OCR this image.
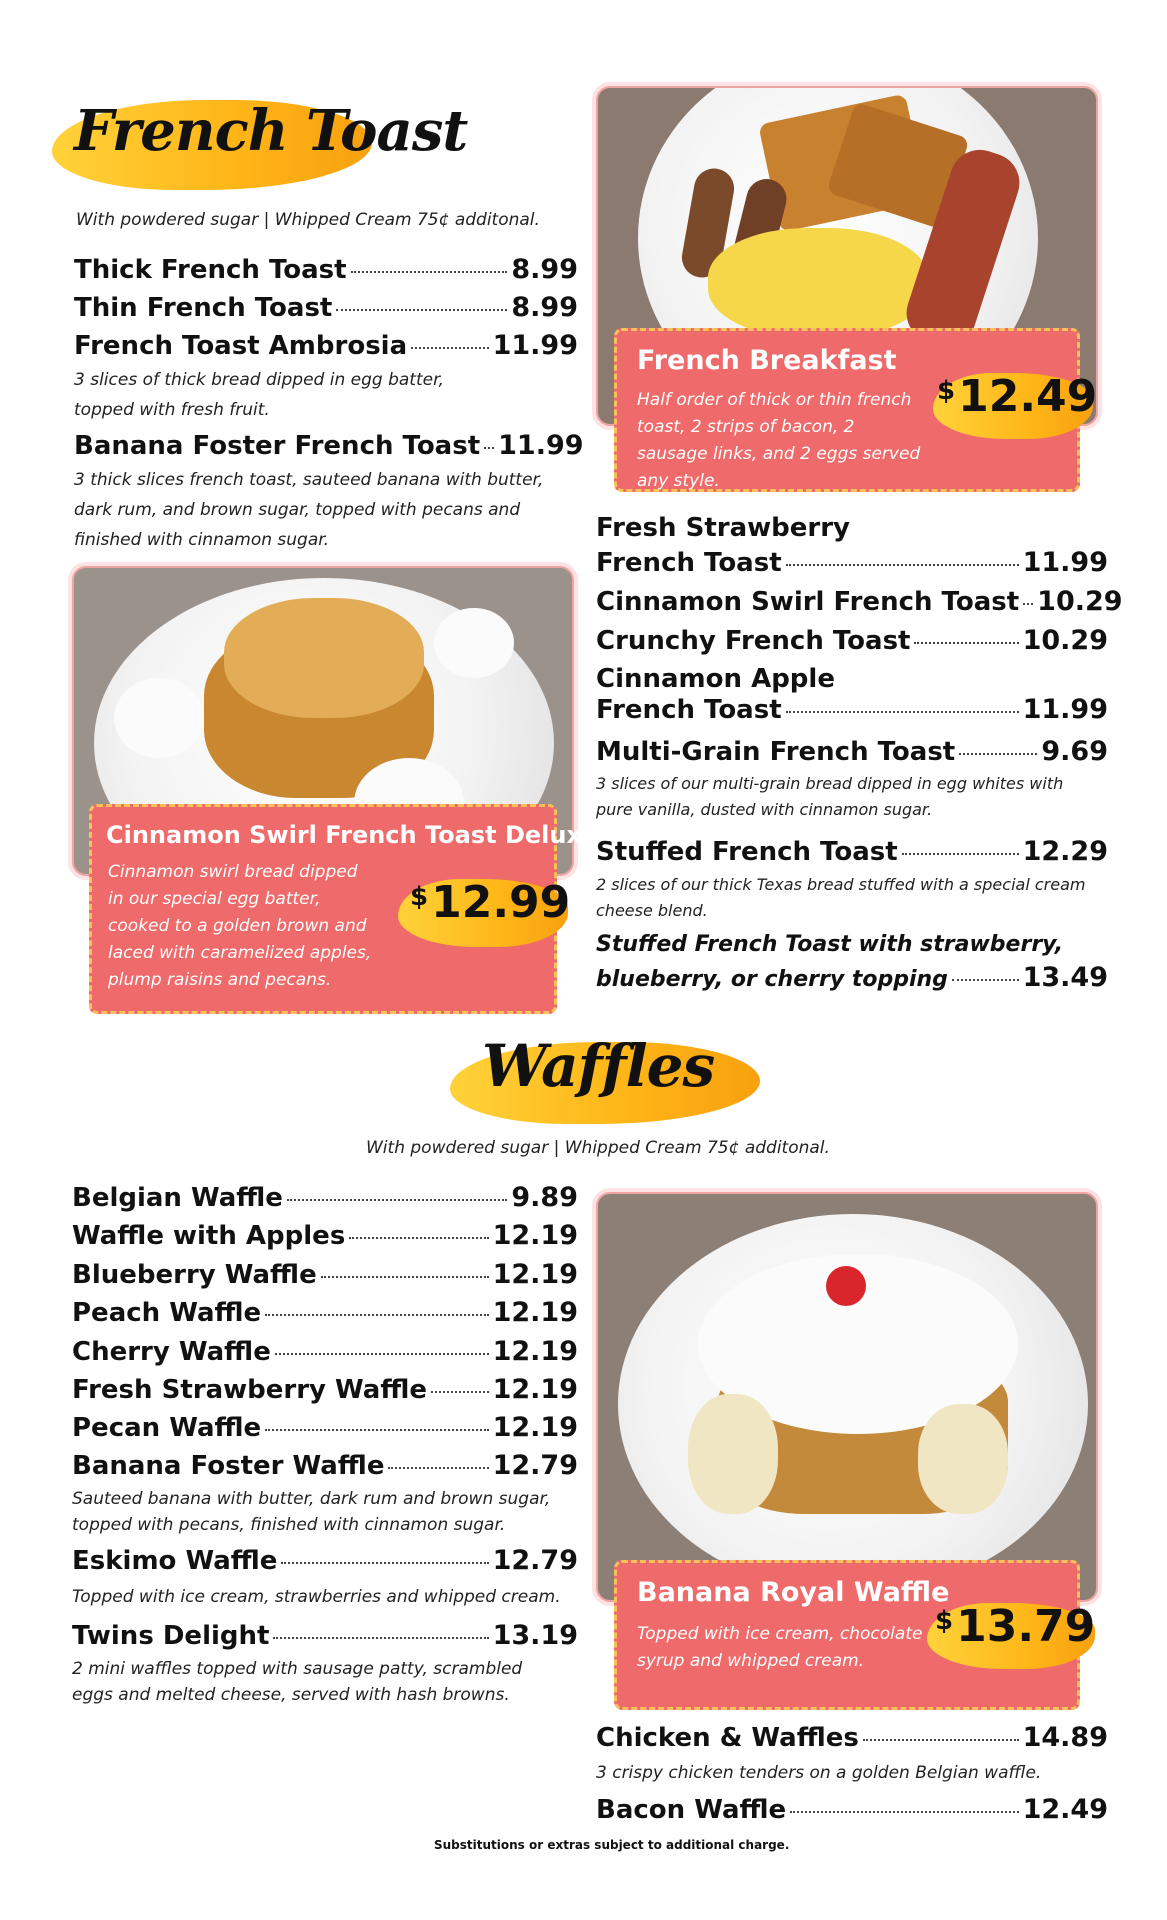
French Toast
With powdered sugar | Whipped Cream 75¢ additonal.
Thick French Toast	8.99
Thin French Toast	8.99
French Toast Ambrosia	11.99
3 slices of thick bread dipped in egg batter, topped with fresh fruit.
Banana Foster French Toast 11.99
3 thick slices french toast, sauteed banana with butter, dark rum, and brown sugar, topped with pecans and finished with cinnamon sugar.
French Breakfast
Half order of thick or thin french toast, 2 strips of bacon, 2 sausage links, and 2 eggs served any style.
$12.49
Fresh Strawberry
French Toast	11.99
Cinnamon Swirl French Toast 10.29
Crunchy French Toast	10.29
Cinnamon Apple
French Toast	11.99
Multi-Grain French Toast	9.69
3 slices of our multi-grain bread dipped in egg whites with pure vanilla, dusted with cinnamon sugar.
Stuffed French Toast	12.29
2 slices of our thick Texas bread stuffed with a special cream cheese blend.
Stuffed French Toast with strawberry,
blueberry, or cherry topping	13.49
Cinnamon Swirl French Toast Deluxe
Cinnamon swirl bread dipped in our special egg batter, cooked to a golden brown and laced with caramelized apples, plump raisins and pecans.
$12.99
Waffles
With powdered sugar | Whipped Cream 75¢ additonal.
Belgian Waffle	9.89
Waffle with Apples	12.19
Blueberry Waffle	12.19
Peach Waffle	12.19
Cherry Waffle	12.19
Fresh Strawberry Waffle 12.19
Pecan Waffle	12.19
Banana Foster Waffle	12.79
Sauteed banana with butter, dark rum and brown sugar, topped with pecans, finished with cinnamon sugar.
Eskimo Waffle	12.79
Topped with ice cream, strawberries and whipped cream.
Twins Delight	13.19
2 mini waffles topped with sausage patty, scrambled eggs and melted cheese, served with hash browns.
Banana Royal Waffle
Topped with ice cream, chocolate syrup and whipped cream.
$13.79
Chicken & Waffles	14.89
3 crispy chicken tenders on a golden Belgian waffle.
Bacon Waffle	12.49
Substitutions or extras subject to additional charge.
